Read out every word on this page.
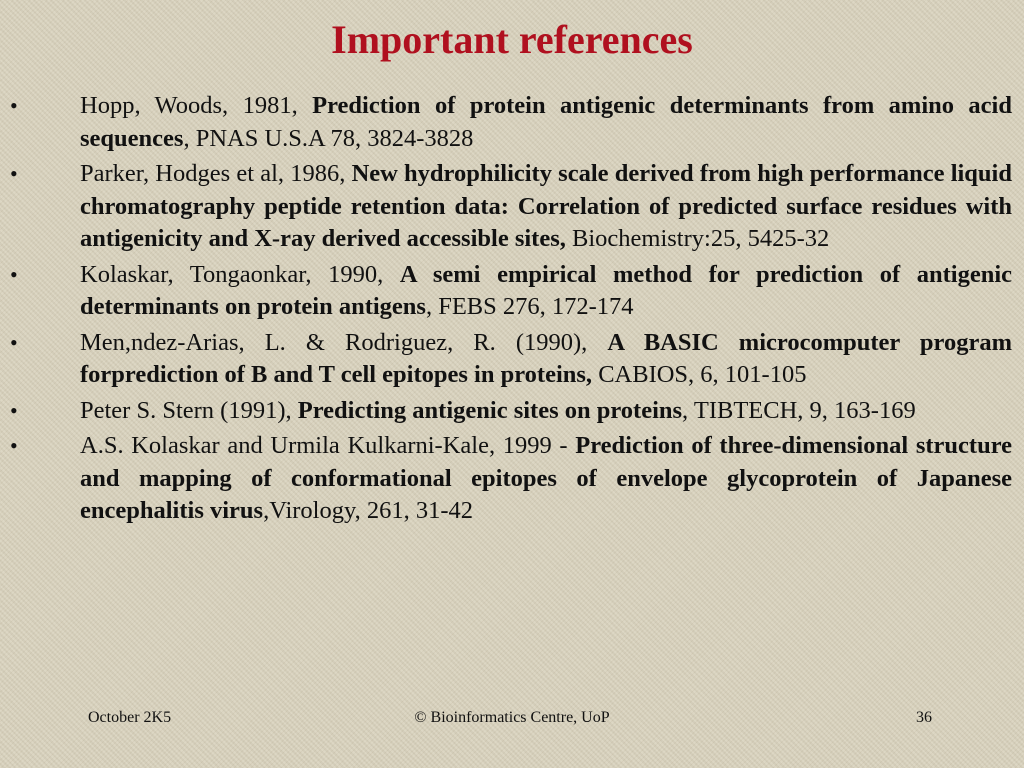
Important references
•	Hopp, Woods, 1981, Prediction of protein antigenic determinants from amino acid sequences, PNAS U.S.A 78, 3824-3828
•	Parker, Hodges et al, 1986, New hydrophilicity scale derived from high performance liquid chromatography peptide retention data: Correlation of predicted surface residues with antigenicity and X-ray derived accessible sites, Biochemistry:25, 5425-32
•	Kolaskar, Tongaonkar, 1990, A semi empirical method for prediction of antigenic determinants on protein antigens, FEBS 276, 172-174
•	Men,ndez-Arias, L. & Rodriguez, R. (1990), A BASIC microcomputer program forprediction of B and T cell epitopes in proteins, CABIOS, 6, 101-105
•	Peter S. Stern (1991), Predicting antigenic sites on proteins, TIBTECH, 9, 163-169
•	A.S. Kolaskar and Urmila Kulkarni-Kale, 1999 - Prediction of three-dimensional structure and mapping of conformational epitopes of envelope glycoprotein of Japanese encephalitis virus,Virology, 261, 31-42
October 2K5	© Bioinformatics Centre, UoP	36
